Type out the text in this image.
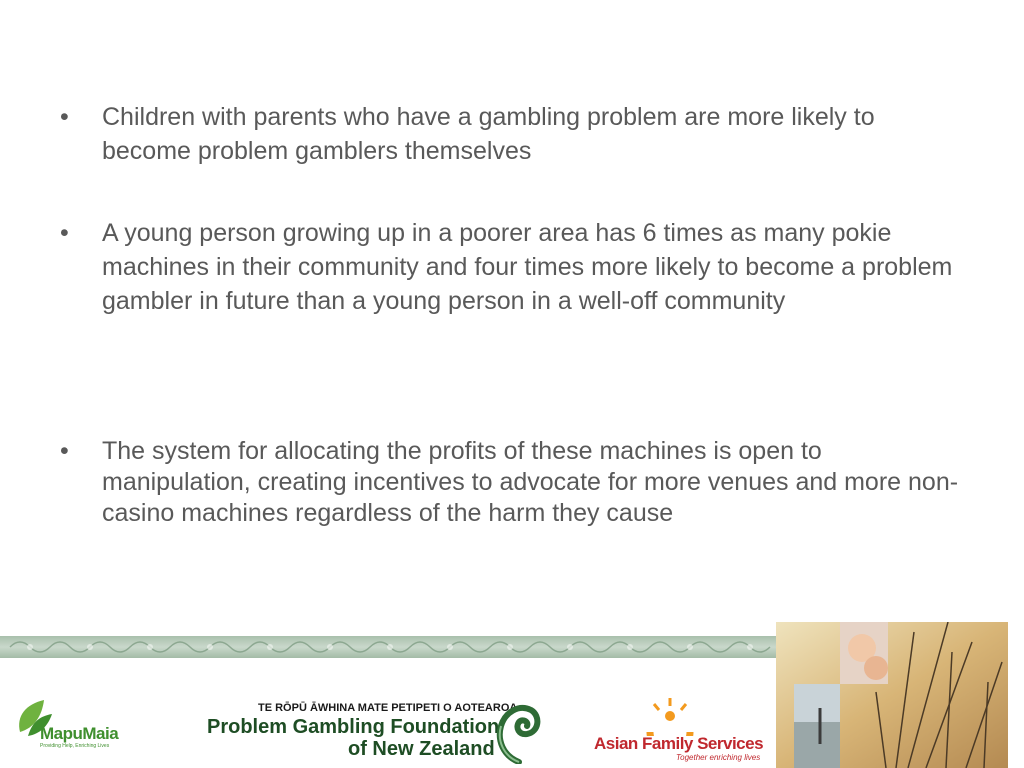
•	Children with parents who have a gambling problem are more likely to become problem gamblers themselves
•	A young person growing up in a poorer area has 6 times as many pokie machines in their community and four times more likely to become a problem gambler in future than a young person in a well-off community
•	The system for allocating the profits of these machines is open to manipulation, creating incentives to advocate for more venues and more non-casino machines regardless of the harm they cause
MapuMaia
Providing Help, Enriching Lives
TE RŌPŪ ĀWHINA MATE PETIPETI O AOTEAROA
Problem Gambling Foundation
of New Zealand	Asian Family Services
Together enriching lives
